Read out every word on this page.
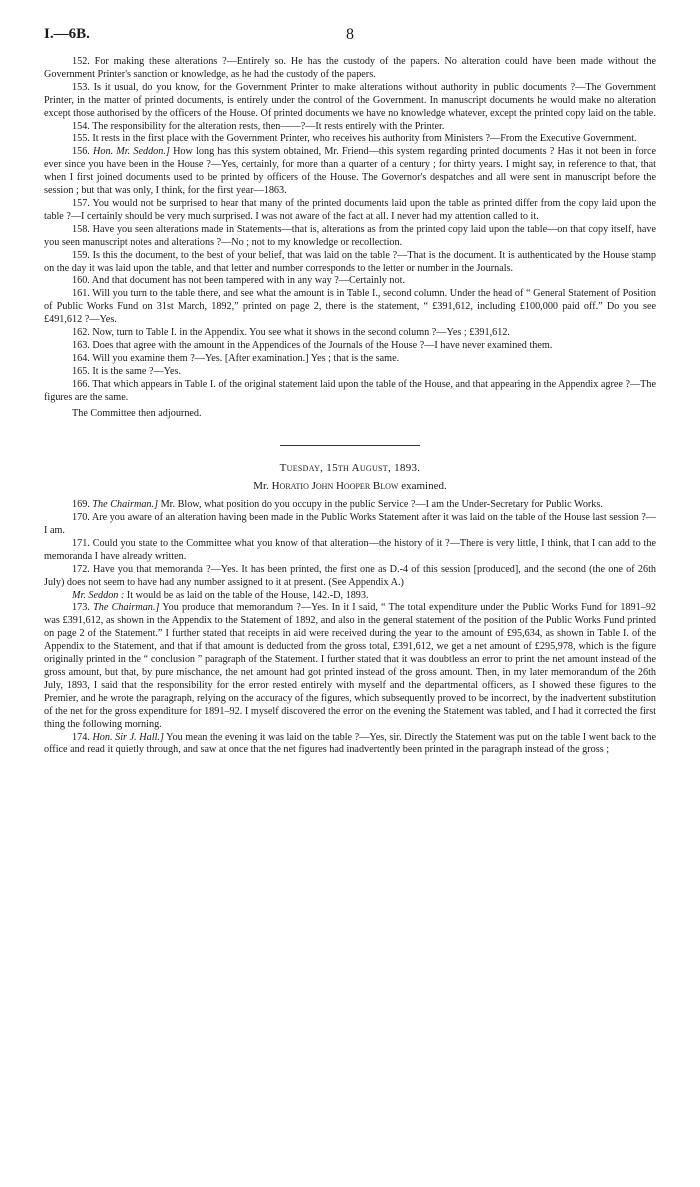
I.—6B.	8

152. For making these alterations ?—Entirely so. He has the custody of the papers. No alteration could have been made without the Government Printer's sanction or knowledge, as he had the custody of the papers.

153. Is it usual, do you know, for the Government Printer to make alterations without authority in public documents ?—The Government Printer, in the matter of printed documents, is entirely under the control of the Government. In manuscript documents he would make no alteration except those authorised by the officers of the House. Of printed documents we have no knowledge whatever, except the printed copy laid on the table.

154. The responsibility for the alteration rests, then——?—It rests entirely with the Printer.

155. It rests in the first place with the Government Printer, who receives his authority from Ministers ?—From the Executive Government.

156. Hon. Mr. Seddon.] How long has this system obtained, Mr. Friend—this system regarding printed documents ? Has it not been in force ever since you have been in the House ?—Yes, certainly, for more than a quarter of a century ; for thirty years. I might say, in reference to that, that when I first joined documents used to be printed by officers of the House. The Governor's despatches and all were sent in manuscript before the session ; but that was only, I think, for the first year—1863.

157. You would not be surprised to hear that many of the printed documents laid upon the table as printed differ from the copy laid upon the table ?—I certainly should be very much surprised. I was not aware of the fact at all. I never had my attention called to it.

158. Have you seen alterations made in Statements—that is, alterations as from the printed copy laid upon the table—on that copy itself, have you seen manuscript notes and alterations ?—No ; not to my knowledge or recollection.

159. Is this the document, to the best of your belief, that was laid on the table ?—That is the document. It is authenticated by the House stamp on the day it was laid upon the table, and that letter and number corresponds to the letter or number in the Journals.

160. And that document has not been tampered with in any way ?—Certainly not.

161. Will you turn to the table there, and see what the amount is in Table I., second column. Under the head of “ General Statement of Position of Public Works Fund on 31st March, 1892,” printed on page 2, there is the statement, “ £391,612, including £100,000 paid off.” Do you see £491,612 ?—Yes.

162. Now, turn to Table I. in the Appendix. You see what it shows in the second column ?—Yes ; £391,612.

163. Does that agree with the amount in the Appendices of the Journals of the House ?—I have never examined them.

164. Will you examine them ?—Yes. [After examination.] Yes ; that is the same.

165. It is the same ?—Yes.

166. That which appears in Table I. of the original statement laid upon the table of the House, and that appearing in the Appendix agree ?—The figures are the same.

The Committee then adjourned.

Tuesday, 15th August, 1893.
Mr. Horatio John Hooper Blow examined.

169. The Chairman.] Mr. Blow, what position do you occupy in the public Service ?—I am the Under-Secretary for Public Works.

170. Are you aware of an alteration having been made in the Public Works Statement after it was laid on the table of the House last session ?—I am.

171. Could you state to the Committee what you know of that alteration—the history of it ?—There is very little, I think, that I can add to the memoranda I have already written.

172. Have you that memoranda ?—Yes. It has been printed, the first one as D.-4 of this session [produced], and the second (the one of 26th July) does not seem to have had any number assigned to it at present. (See Appendix A.)

Mr. Seddon : It would be as laid on the table of the House, 142.-D, 1893.

173. The Chairman.] You produce that memorandum ?—Yes. In it I said, “ The total expenditure under the Public Works Fund for 1891–92 was £391,612, as shown in the Appendix to the Statement of 1892, and also in the general statement of the position of the Public Works Fund printed on page 2 of the Statement.” I further stated that receipts in aid were received during the year to the amount of £95,634, as shown in Table I. of the Appendix to the Statement, and that if that amount is deducted from the gross total, £391,612, we get a net amount of £295,978, which is the figure originally printed in the “ conclusion ” paragraph of the Statement. I further stated that it was doubtless an error to print the net amount instead of the gross amount, but that, by pure mischance, the net amount had got printed instead of the gross amount. Then, in my later memorandum of the 26th July, 1893, I said that the responsibility for the error rested entirely with myself and the departmental officers, as I showed these figures to the Premier, and he wrote the paragraph, relying on the accuracy of the figures, which subsequently proved to be incorrect, by the inadvertent substitution of the net for the gross expenditure for 1891–92. I myself discovered the error on the evening the Statement was tabled, and I had it corrected the first thing the following morning.

174. Hon. Sir J. Hall.] You mean the evening it was laid on the table ?—Yes, sir. Directly the Statement was put on the table I went back to the office and read it quietly through, and saw at once that the net figures had inadvertently been printed in the paragraph instead of the gross ;
